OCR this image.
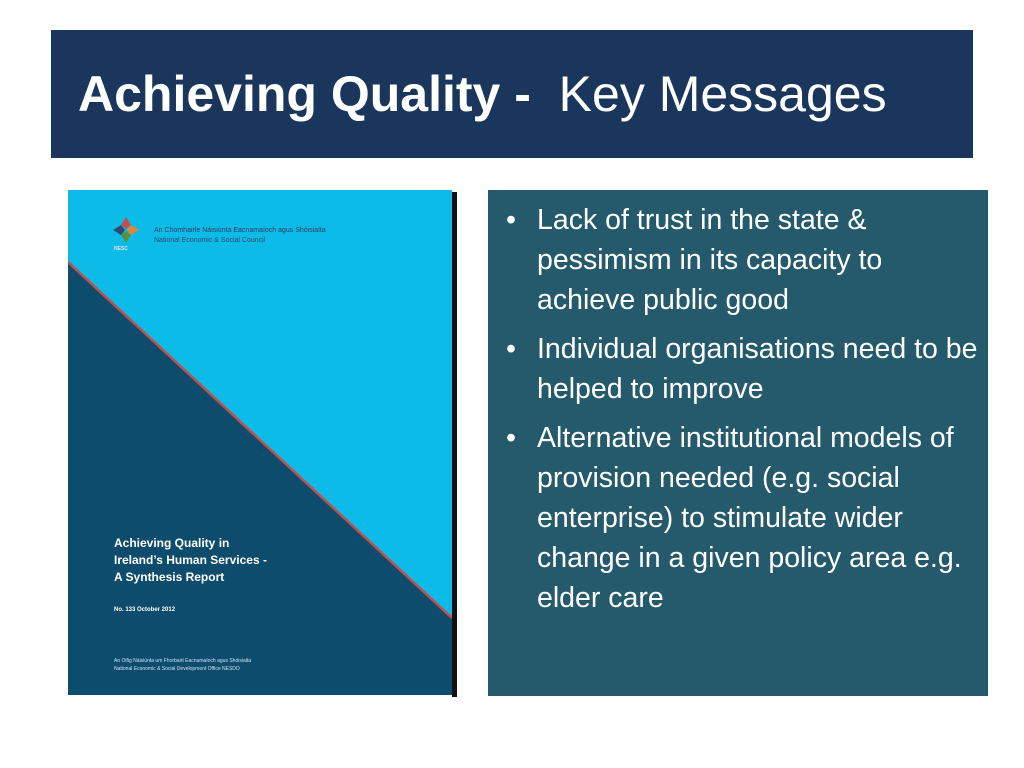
Achieving Quality - Key Messages
NESC
An Chomhairle Náisiúnta Eacnamaíoch agus Shóisialta
National Economic & Social Council
Achieving Quality in
Ireland’s Human Services -
A Synthesis Report
No. 133 October 2012
An Oifig Náisiúnta um Fhorbairt Eacnamaíoch agus Shóisialta
National Economic & Social Development Office NESDO
• Lack of trust in the state & pessimism in its capacity to achieve public good
• Individual organisations need to be helped to improve
• Alternative institutional models of provision needed (e.g. social enterprise) to stimulate wider change in a given policy area e.g. elder care
